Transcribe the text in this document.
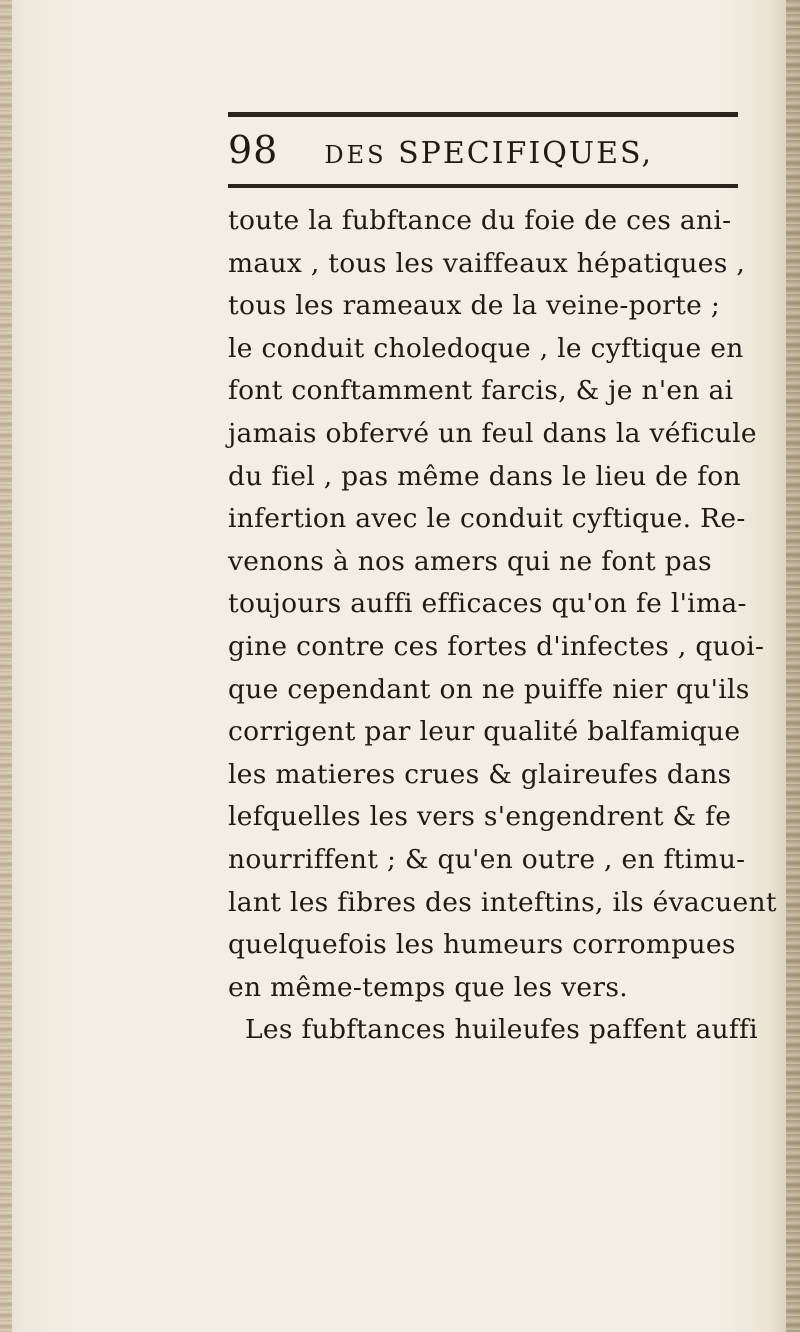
98 DES SPECIFIQUES,
toute la fubftance du foie de ces ani-
maux , tous les vaiffeaux hépatiques ,
tous les rameaux de la veine-porte ;
le conduit choledoque , le cyftique en
font conftamment farcis, & je n'en ai
jamais obfervé un feul dans la véficule
du fiel , pas même dans le lieu de fon
infertion avec le conduit cyftique. Re-
venons à nos amers qui ne font pas
toujours auffi efficaces qu'on fe l'ima-
gine contre ces fortes d'infectes , quoi-
que cependant on ne puiffe nier qu'ils
corrigent par leur qualité balfamique
les matieres crues & glaireufes dans
lefquelles les vers s'engendrent & fe
nourriffent ; & qu'en outre , en ftimu-
lant les fibres des inteftins, ils évacuent
quelquefois les humeurs corrompues
en même-temps que les vers.
Les fubftances huileufes paffent auffi
